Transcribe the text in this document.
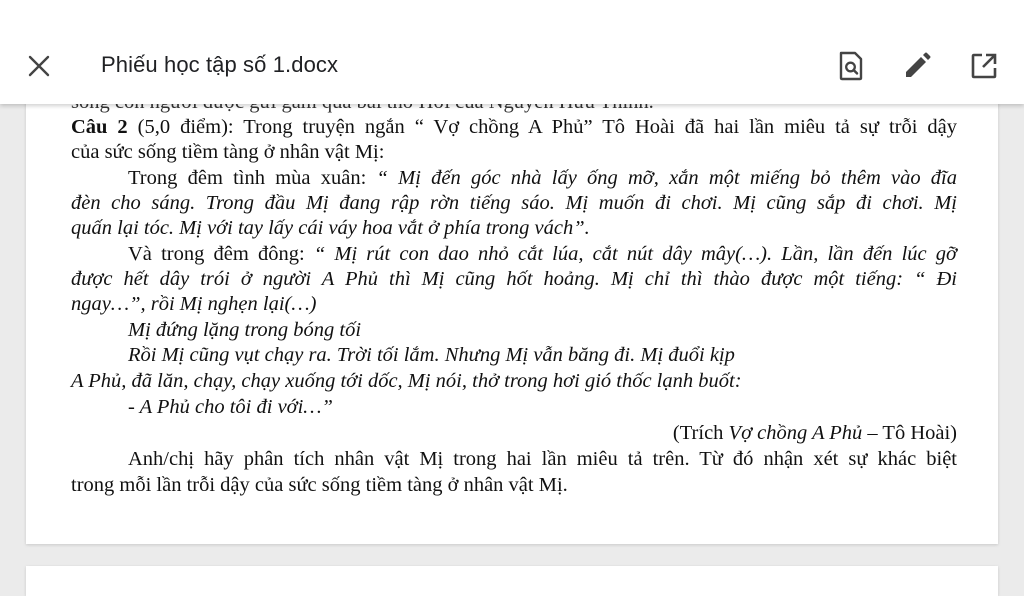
Câu 2 (5,0 điểm): Trong truyện ngắn “ Vợ chồng A Phủ” Tô Hoài đã hai lần miêu tả sự trỗi dậy
của sức sống tiềm tàng ở nhân vật Mị:
Trong đêm tình mùa xuân: “ Mị đến góc nhà lấy ống mỡ, xắn một miếng bỏ thêm vào đĩa
đèn cho sáng. Trong đầu Mị đang rập rờn tiếng sáo. Mị muốn đi chơi. Mị cũng sắp đi chơi. Mị
quấn lại tóc. Mị với tay lấy cái váy hoa vắt ở phía trong vách”.
Và trong đêm đông: “ Mị rút con dao nhỏ cắt lúa, cắt nút dây mây(…). Lần, lần đến lúc gỡ
được hết dây trói ở người A Phủ thì Mị cũng hốt hoảng. Mị chỉ thì thào được một tiếng: “ Đi
ngay…”, rồi Mị nghẹn lại(…)
Mị đứng lặng trong bóng tối
Rồi Mị cũng vụt chạy ra. Trời tối lắm. Nhưng Mị vẫn băng đi. Mị đuổi kịp
A Phủ, đã lăn, chạy, chạy xuống tới dốc, Mị nói, thở trong hơi gió thốc lạnh buốt:
- A Phủ cho tôi đi với…”
(Trích Vợ chồng A Phủ – Tô Hoài)
Anh/chị hãy phân tích nhân vật Mị trong hai lần miêu tả trên. Từ đó nhận xét sự khác biệt
trong mỗi lần trỗi dậy của sức sống tiềm tàng ở nhân vật Mị.
Phiếu học tập số 1.docx
